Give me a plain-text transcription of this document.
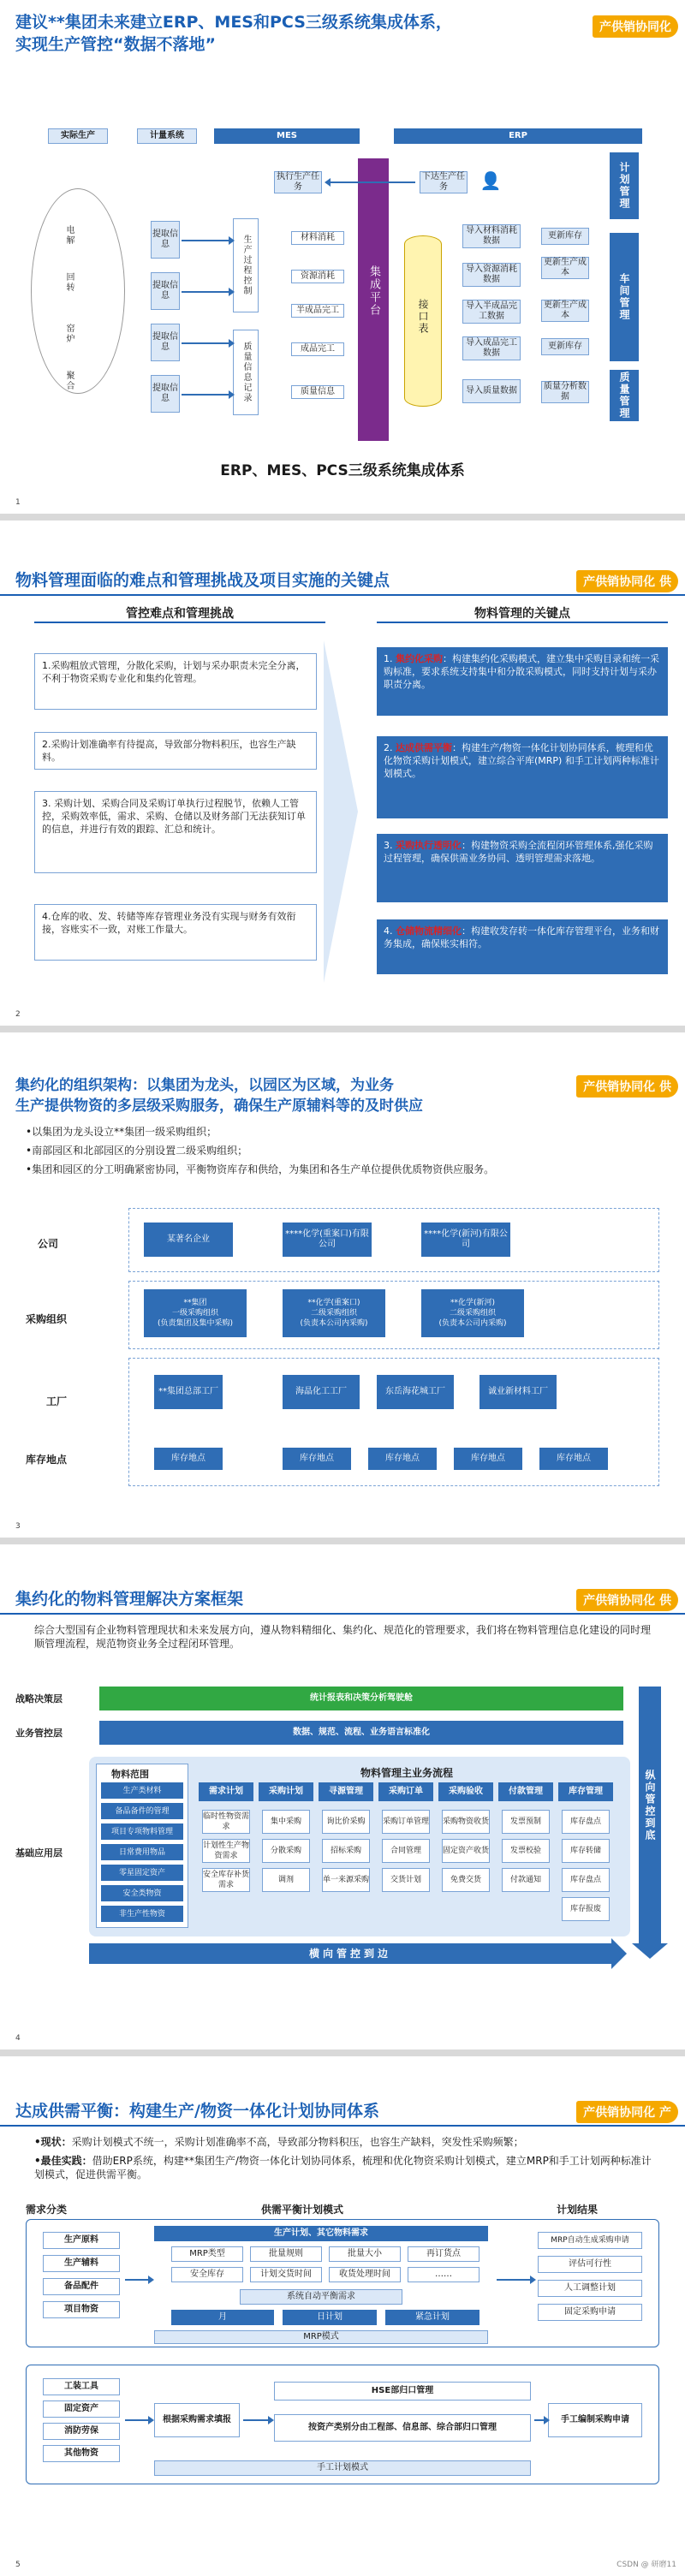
建议**集团未来建立ERP、MES和PCS三级系统集成体系，
实现生产管控“数据不落地”
产供销协同化
实际生产	计量系统	MES	ERP
电解
回转
窑炉
聚合
提取信息
提取信息
提取信息
提取信息
生产过程控制
质量信息记录
执行生产任务
材料消耗
资源消耗
半成品完工
成品完工
质量信息
集成平台	接口表
下达生产任务	👤
导入材料消耗数据
导入资源消耗数据
导入半成品完工数据
导入成品完工数据
导入质量数据
更新库存
更新生产成本
更新生产成本
更新库存
质量分析数据
计划管理
车间管理
质量管理
ERP、MES、PCS三级系统集成体系
1
物料管理面临的难点和管理挑战及项目实施的关键点	产供销协同化 供
管控难点和管理挑战	物料管理的关键点
1.采购粗放式管理，分散化采购，计划与采办职责未完全分离，不利于物资采购专业化和集约化管理。
2.采购计划准确率有待提高，导致部分物料积压，也容生产缺料。
3. 采购计划、采购合同及采购订单执行过程脱节，依赖人工管控，采购效率低，需求、采购、仓储以及财务部门无法获知订单的信息，并进行有效的跟踪、汇总和统计。
4.仓库的收、发、转储等库存管理业务没有实现与财务有效衔接，容账实不一致，对账工作量大。
1. 集约化采购：构建集约化采购模式，建立集中采购目录和统一采购标准，要求系统支持集中和分散采购模式，同时支持计划与采办职责分离。
2. 达成供需平衡：构建生产/物资一体化计划协同体系，梳理和优化物资采购计划模式，建立综合平库(MRP) 和手工计划两种标准计划模式。
3. 采购执行透明化：构建物资采购全流程闭环管理体系,强化采购过程管理，确保供需业务协同、透明管理需求落地。
4. 仓储物流精细化：构建收发存转一体化库存管理平台，业务和财务集成，确保账实相符。
2
集约化的组织架构：以集团为龙头，以园区为区域，为业务
生产提供物资的多层级采购服务，确保生产原辅料等的及时供应
产供销协同化 供
•以集团为龙头设立**集团一级采购组织；
•南部园区和北部园区的分别设置二级采购组织；
•集团和园区的分工明确紧密协同，平衡物资库存和供给，为集团和各生产单位提供优质物资供应服务。
公司
采购组织
工厂
库存地点
某著名企业
****化学(重案口)有限公司
****化学(新河)有限公司
**集团
一级采购组织
(负责集团及集中采购)
**化学(重案口)
二级采购组织
(负责本公司内采购)
**化学(新河)
二级采购组织
(负责本公司内采购)
**集团总部工厂	海晶化工工厂	东岳海花城工厂	诚业新材料工厂
库存地点	库存地点	库存地点	库存地点	库存地点
3
集约化的物料管理解决方案框架	产供销协同化 供
综合大型国有企业物料管理现状和未来发展方向，遵从物料精细化、集约化、规范化的管理要求，我们将在物料管理信息化建设的同时理顺管理流程，规范物资业务全过程闭环管理。
战略决策层
业务管控层
基础应用层
统计报表和决策分析驾驶舱
数据、规范、流程、业务语言标准化
物料范围
生产类材料
备品备件的管理
项目专项物料管理
日常费用物品
零星固定资产
安全类物资
非生产性物资
物料管理主业务流程
需求计划
临时性物资需求
计划性生产物资需求
安全库存补货需求
采购计划
集中采购
分散采购
调剂
寻源管理
询比价采购
招标采购
单一来源采购
采购订单
采购订单管理
合同管理
交货计划
采购验收
采购物资收货
固定资产收货
免费交货
付款管理
发票预制
发票校验
付款通知
库存管理
库存盘点
库存转储
库存盘点
库存报废
纵向管控到底
横向管控到边
4
达成供需平衡：构建生产/物资一体化计划协同体系	产供销协同化 产
•现状：采购计划模式不统一，采购计划准确率不高，导致部分物料积压，也容生产缺料，突发性采购频繁；
•最佳实践：借助ERP系统，构建**集团生产/物资一体化计划协同体系，梳理和优化物资采购计划模式，建立MRP和手工计划两种标准计划模式，促进供需平衡。
需求分类	供需平衡计划模式	计划结果
生产原料
生产辅料
备品配件
项目物资
生产计划、其它物料需求
MRP类型	批量规则	批量大小	再订货点
安全库存	计划交货时间	收货处理时间	……
系统自动平衡需求
月	日计划	紧急计划
MRP模式
MRP自动生成采购申请
评估可行性
人工调整计划
固定采购申请
工装工具
固定资产
消防劳保
其他物资
根据采购需求填报
HSE部归口管理
按资产类别分由工程部、信息部、综合部归口管理
手工编制采购申请
手工计划模式
CSDN @ 研磨11
5
